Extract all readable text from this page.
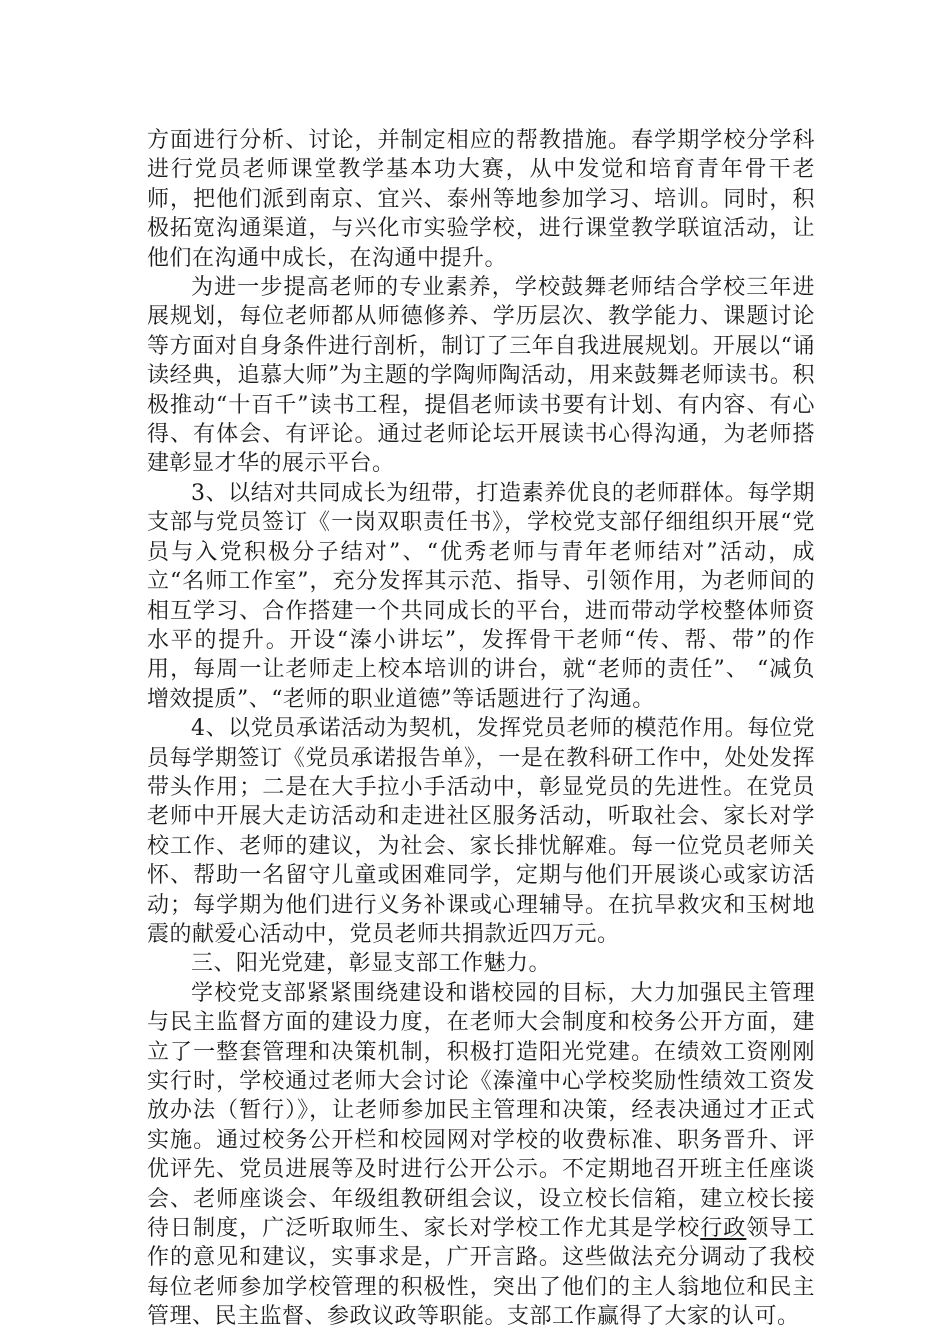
方面进行分析、讨论，并制定相应的帮教措施。春学期学校分学科进行党员老师课堂教学基本功大赛，从中发觉和培育青年骨干老师，把他们派到南京、宜兴、泰州等地参加学习、培训。同时，积极拓宽沟通渠道，与兴化市实验学校，进行课堂教学联谊活动，让他们在沟通中成长，在沟通中提升。

为进一步提高老师的专业素养，学校鼓舞老师结合学校三年进展规划，每位老师都从师德修养、学历层次、教学能力、课题讨论等方面对自身条件进行剖析，制订了三年自我进展规划。开展以“诵读经典，追慕大师”为主题的学陶师陶活动，用来鼓舞老师读书。积极推动“十百千”读书工程，提倡老师读书要有计划、有内容、有心得、有体会、有评论。通过老师论坛开展读书心得沟通，为老师搭建彰显才华的展示平台。

3、以结对共同成长为纽带，打造素养优良的老师群体。每学期支部与党员签订《一岗双职责任书》，学校党支部仔细组织开展“党员与入党积极分子结对”、“优秀老师与青年老师结对”活动，成立“名师工作室”，充分发挥其示范、指导、引领作用，为老师间的相互学习、合作搭建一个共同成长的平台，进而带动学校整体师资水平的提升。开设“溱小讲坛”，发挥骨干老师“传、帮、带”的作用，每周一让老师走上校本培训的讲台，就“老师的责任”、 “减负增效提质”、“老师的职业道德”等话题进行了沟通。

4、以党员承诺活动为契机，发挥党员老师的模范作用。每位党员每学期签订《党员承诺报告单》，一是在教科研工作中，处处发挥带头作用；二是在大手拉小手活动中，彰显党员的先进性。在党员老师中开展大走访活动和走进社区服务活动，听取社会、家长对学校工作、老师的建议，为社会、家长排忧解难。每一位党员老师关怀、帮助一名留守儿童或困难同学，定期与他们开展谈心或家访活动；每学期为他们进行义务补课或心理辅导。在抗旱救灾和玉树地震的献爱心活动中，党员老师共捐款近四万元。

三、阳光党建，彰显支部工作魅力。

学校党支部紧紧围绕建设和谐校园的目标，大力加强民主管理与民主监督方面的建设力度，在老师大会制度和校务公开方面，建立了一整套管理和决策机制，积极打造阳光党建。在绩效工资刚刚实行时，学校通过老师大会讨论《溱潼中心学校奖励性绩效工资发放办法（暂行）》，让老师参加民主管理和决策，经表决通过才正式实施。通过校务公开栏和校园网对学校的收费标准、职务晋升、评优评先、党员进展等及时进行公开公示。不定期地召开班主任座谈会、老师座谈会、年级组教研组会议，设立校长信箱，建立校长接待日制度，广泛听取师生、家长对学校工作尤其是学校行政领导工作的意见和建议，实事求是，广开言路。这些做法充分调动了我校每位老师参加学校管理的积极性，突出了他们的主人翁地位和民主管理、民主监督、参政议政等职能。支部工作赢得了大家的认可。
